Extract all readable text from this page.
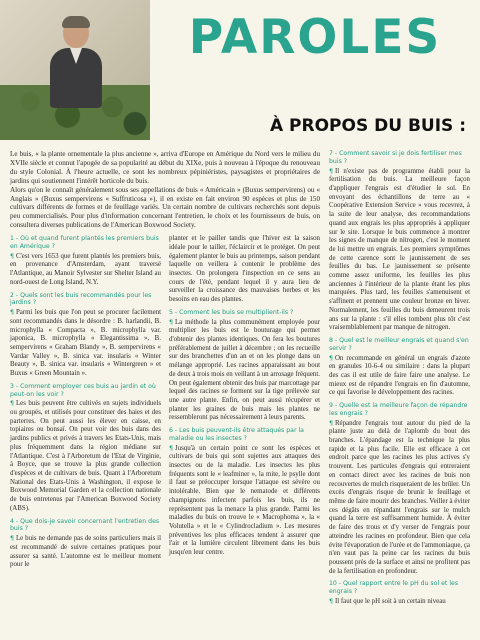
PAROLES
À PROPOS DU BUIS :

Le buis, « la plante ornementale la plus ancienne », arriva d'Europe en Amérique du Nord vers le milieu du XVIIe siècle et connut l'apogée de sa popularité au début du XIXe, puis à nouveau à l'époque du renouveau du style Colonial. À l'heure actuelle, ce sont les nombreux pépiniéristes, paysagistes et propriétaires de jardins qui soutiennent l'intérêt horticole du buis.

Alors qu'on le connaît généralement sous ses appellations de buis « Américain » (Buxus sempervirens) ou « Anglais » (Buxus sempervirens « Suffruticosa »), il en existe en fait environ 90 espèces et plus de 150 cultivars différents de formes et de feuillage variés. Un certain nombre de cultivars recherchés sont depuis peu commercialisés. Pour plus d'information concernant l'entretien, le choix et les fournisseurs de buis, on consultera diverses publications de l'American Boxwood Society.

1 - Où et quand furent plantés les premiers buis en Amérique ?

¶ C'est vers 1653 que furent plantés les premiers buis, en provenance d'Amsterdam, ayant traversé l'Atlantique, au Manoir Sylvester sur Shelter Island au nord-ouest de Long Island, N.Y.

2 - Quels sont les buis recommandés pour les jardins ?

¶ Parmi les buis que l'on peut se procurer facilement sont recommandés dans le désordre : B. harlandii, B. microphylla « Compacta », B. microphylla var. japonica, B. microphylla « Elegantissima », B. sempervirens « Graham Blandy », B. sempervirens « Vardar Valley », B. sinica var. insularis « Winter Beauty », B. sinica var. insularis « Wintergreen » et Buxus « Green Mountain ».

3 - Comment employer ces buis au jardin et où peut-on les voir ?

¶ Les buis peuvent être cultivés en sujets individuels ou groupés, et utilisés pour constituer des haies et des parterres. On peut aussi les élever en caisse, en topiaires ou bonsaï. On peut voir des buis dans des jardins publics et privés à travers les Etats-Unis, mais plus fréquemment dans la région médiane sur l'Atlantique. C'est à l'Arboretum de l'Etat de Virginie, à Boyce, que se trouve la plus grande collection d'espèces et de cultivars de buis. Quant à l'Arboretum National des Etats-Unis à Washington, il expose le Boxwood Memorial Garden et la collection nationale de buis entretenus par l'American Boxwood Society (ABS).

4 - Que dois-je savoir concernant l'entretien des buis ?

¶ Le buis ne demande pas de soins particuliers mais il est recommandé de suivre certaines pratiques pour assurer sa santé. L'automne est le meilleur moment pour le

planter et le pailler tandis que l'hiver est la saison idéale pour le tailler, l'éclaircir et le protéger. On peut également planter le buis au printemps, saison pendant laquelle on veillera à contenir le problème des insectes. On prolongera l'inspection en ce sens au cours de l'été, pendant lequel il y aura lieu de surveiller la croissance des mauvaises herbes et les besoins en eau des plantes.

5 - Comment les buis se multiplient-ils ?

¶ La méthode la plus communément employée pour multiplier les buis est le bouturage qui permet d'obtenir des plantes identiques. On fera les boutures préférablement de juillet à décembre ; on les recueille sur des branchettes d'un an et on les plonge dans un mélange approprié. Les racines apparaissant au bout de deux à trois mois en veillant à un arrosage fréquent. On peut également obtenir des buis par marcottage par lequel des racines se forment sur la tige prélevée sur une autre plante. Enfin, on peut aussi récupérer et planter les graines de buis mais les plantes ne ressembleront pas nécessairement à leurs parents.

6 - Les buis peuvent-ils être attaqués par la maladie ou les insectes ?

¶ Jusqu'à un certain point ce sont les espèces et cultivars de buis qui sont sujettes aux attaques des insectes ou de la maladie. Les insectes les plus fréquents sont le « leafminer », la mite, le psylle dont il faut se préoccuper lorsque l'attaque est sévère ou intolérable. Bien que le nematode et différents champignons infectent parfois les buis, ils ne représentent pas la menace la plus grande. Parmi les maladies du buis on trouve le « Macrophoma », la « Volutella » et le « Cylindrocladium ». Les mesures préventives les plus efficaces tendent à assurer que l'air et la lumière circulent librement dans les buis jusqu'en leur centre.

7 - Comment savoir si je dois fertiliser mes buis ?

¶ Il n'existe pas de programme établi pour la fertilisation du buis. La meilleure façon d'appliquer l'engrais est d'étudier le sol. En envoyant des échantillons de terre au « Coopérative Extension Service » vous recevrez, à la suite de leur analyse, des recommandations quand aux engrais les plus appropriés à appliquer sur le site. Lorsque le buis commence à montrer les signes de manque de nitrogen, c'est le moment de lui mettre un engrais. Les premiers symptômes de cette carence sont le jaunissement de ses feuilles du bas. Le jaunissement se présente comme assez uniforme, les feuilles les plus anciennes à l'intérieur de la plante étant les plus marquées. Plus tard, les feuilles s'amenuisent et s'affinent et prennent une couleur bronze en hiver. Normalement, les feuilles du buis demeurent trois ans sur la plante : s'il elles tombent plus tôt c'est vraisemblablement par manque de nitrogen.

8 - Quel est le meilleur engrais et quand s'en servir ?

¶ On recommande en général un engrais d'azote en granules 10-6-4 ou similaire : dans la plupart des cas il est utile de faire faire une analyse. Le mieux est de répandre l'engrais en fin d'automne, ce qui favorise le développement des racines.

9 - Quelle est la meilleure façon de répandre les engrais ?

¶ Répandre l'engrais tout autour du pied de la plante juste au delà de l'aplomb du bout des branches. L'épandage est la technique la plus rapide et la plus facile. Elle est efficace à cet endroit parce que les racines les plus actives s'y trouvent. Les particules d'engrais qui entreraient en contact direct avec les racines de buis non recouvertes de mulch risqueraient de les brûler. Un excès d'engrais risque de brunir le feuillage et même de faire mourir des branches. Veiller à éviter ces dégâts en répandant l'engrais sur le mulch quand la terre est suffisamment humide. À éviter de faire des trous et d'y verser de l'engrais pour atteindre les racines en profondeur. Bien que cela évite l'évaporation de l'urée et de l'ammoniaque, ça n'en vaut pas la peine car les racines du buis poussent près de la surface et ainsi ne profitent pas de la fertilisation en profondeur.

10 - Quel rapport entre le pH du sol et les engrais ?

¶ Il faut que le pH soit à un certain niveau
